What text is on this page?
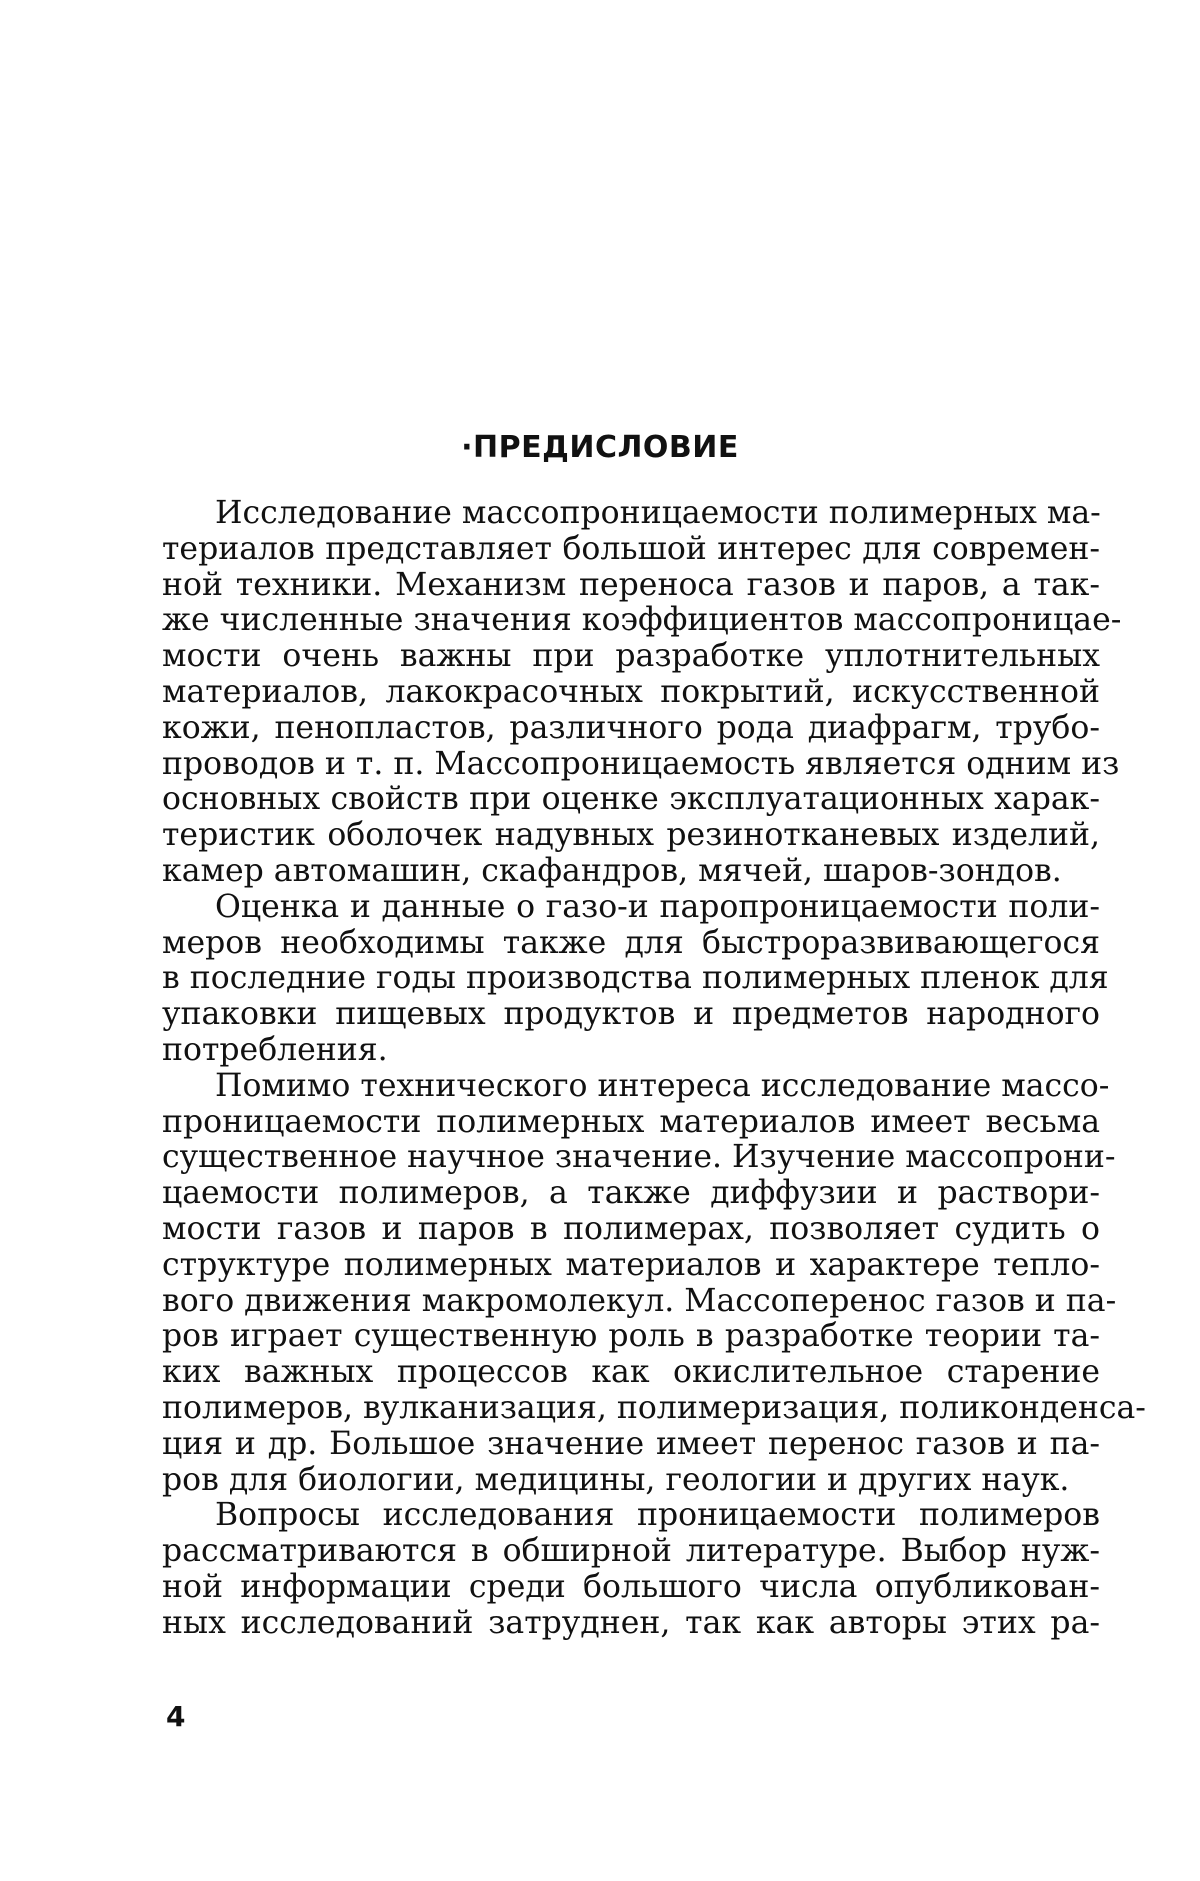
·ПРЕДИСЛОВИЕ
Исследование массопроницаемости полимерных ма-
териалов представляет большой интерес для современ-
ной техники. Механизм переноса газов и паров, а так-
же численные значения коэффициентов массопроницае-
мости очень важны при разработке уплотнительных
материалов, лакокрасочных покрытий, искусственной
кожи, пенопластов, различного рода диафрагм, трубо-
проводов и т. п. Массопроницаемость является одним из
основных свойств при оценке эксплуатационных харак-
теристик оболочек надувных резинотканевых изделий,
камер автомашин, скафандров, мячей, шаров-зондов.
Оценка и данные о газо-и паропроницаемости поли-
меров необходимы также для быстроразвивающегося
в последние годы производства полимерных пленок для
упаковки пищевых продуктов и предметов народного
потребления.
Помимо технического интереса исследование массо-
проницаемости полимерных материалов имеет весьма
существенное научное значение. Изучение массопрони-
цаемости полимеров, а также диффузии и раствори-
мости газов и паров в полимерах, позволяет судить о
структуре полимерных материалов и характере тепло-
вого движения макромолекул. Массоперенос газов и па-
ров играет существенную роль в разработке теории та-
ких важных процессов как окислительное старение
полимеров, вулканизация, полимеризация, поликонденса-
ция и др. Большое значение имеет перенос газов и па-
ров для биологии, медицины, геологии и других наук.
Вопросы исследования проницаемости полимеров
рассматриваются в обширной литературе. Выбор нуж-
ной информации среди большого числа опубликован-
ных исследований затруднен, так как авторы этих ра-
4
